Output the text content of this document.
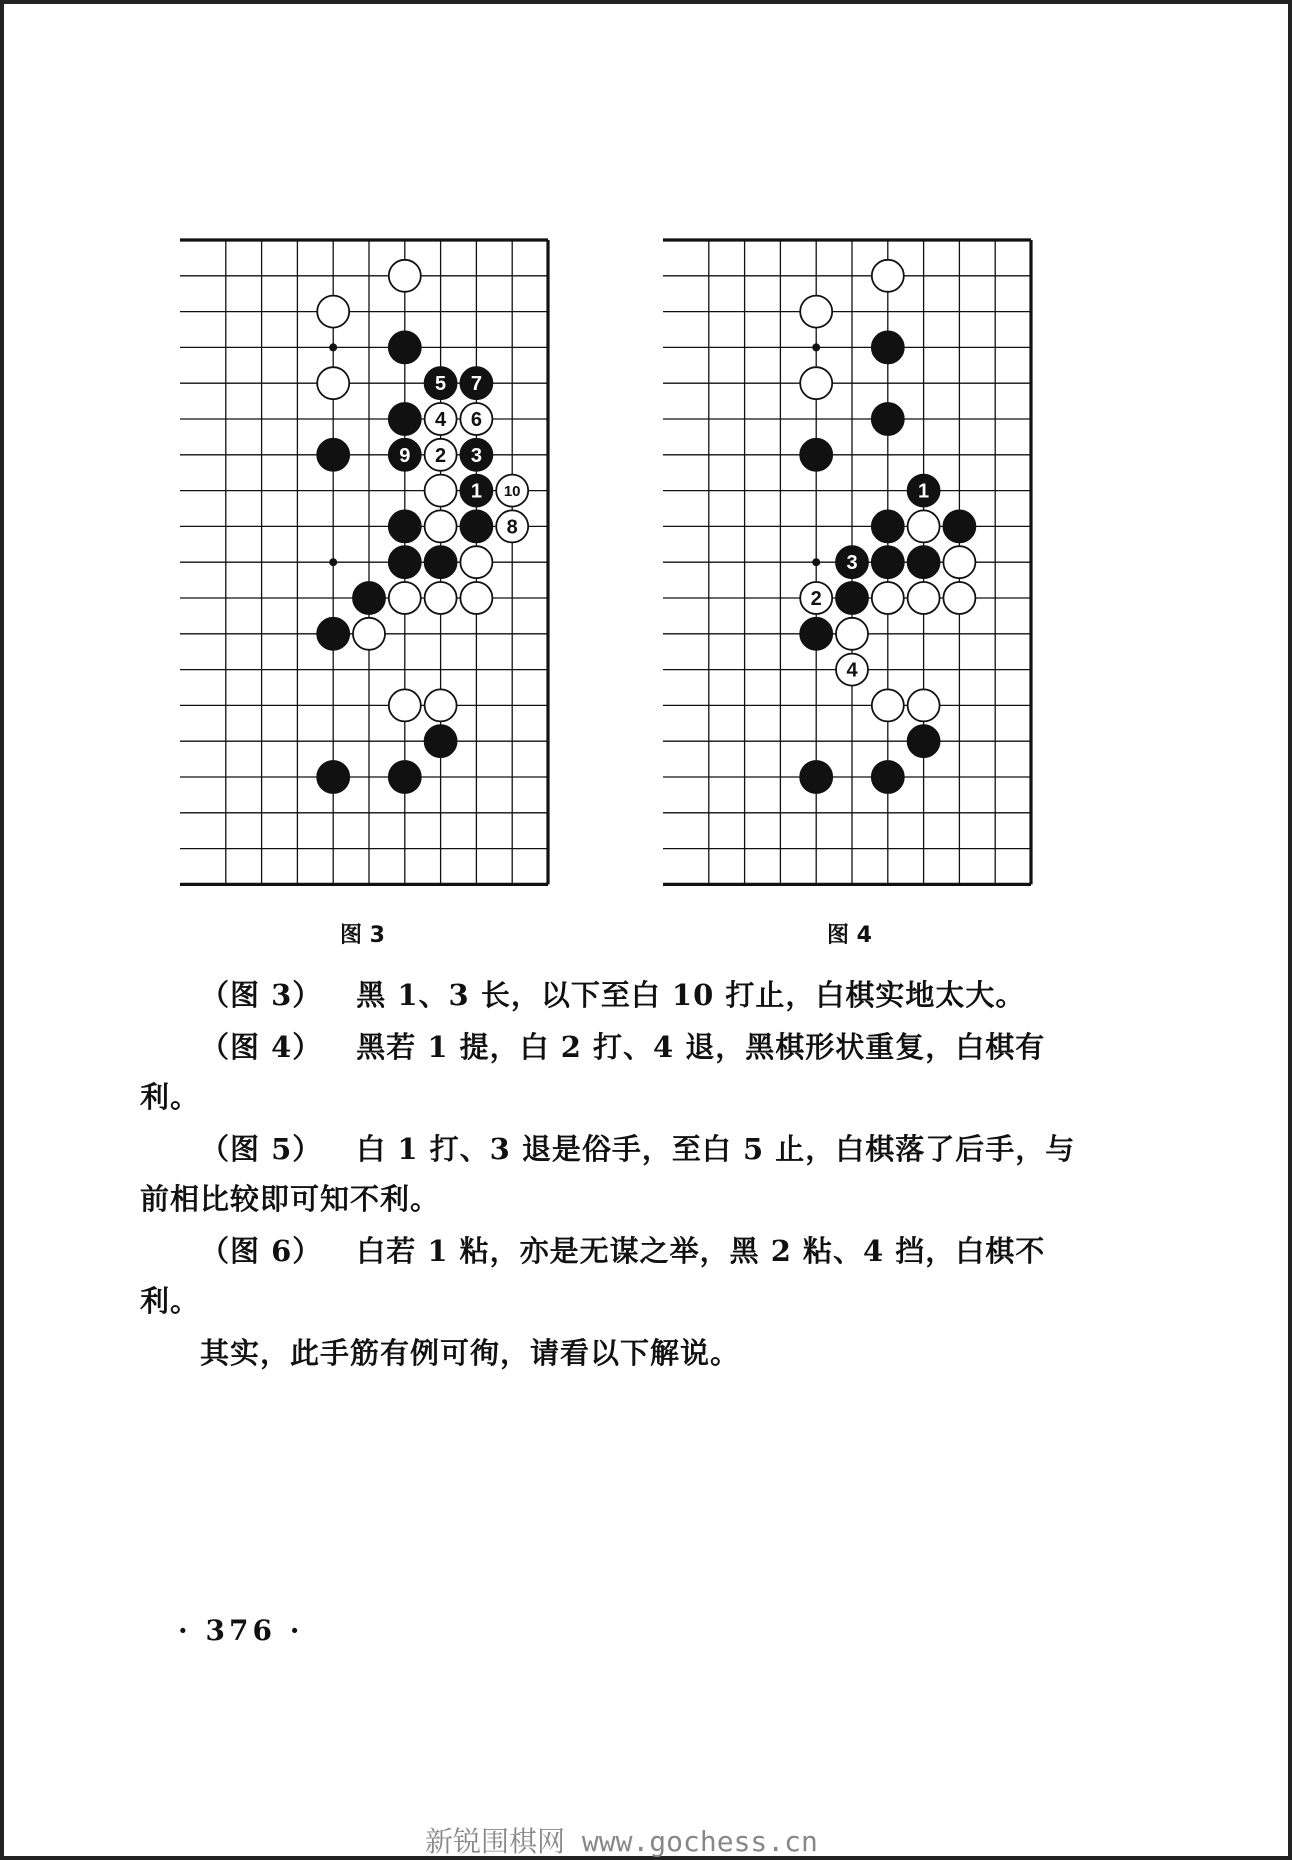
5 7
4 6
9 2 3
1 10
8
图 3
1
3
2
4
图 4
（图 3） 黑 1、3 长，以下至白 10 打止，白棋实地太大。
（图 4） 黑若 1 提，白 2 打、4 退，黑棋形状重复，白棋有利。
（图 5） 白 1 打、3 退是俗手，至白 5 止，白棋落了后手，与前相比较即可知不利。
（图 6） 白若 1 粘，亦是无谋之举，黑 2 粘、4 挡，白棋不利。
其实，此手筋有例可徇，请看以下解说。
· 376 ·
新锐围棋网 www.gochess.cn
